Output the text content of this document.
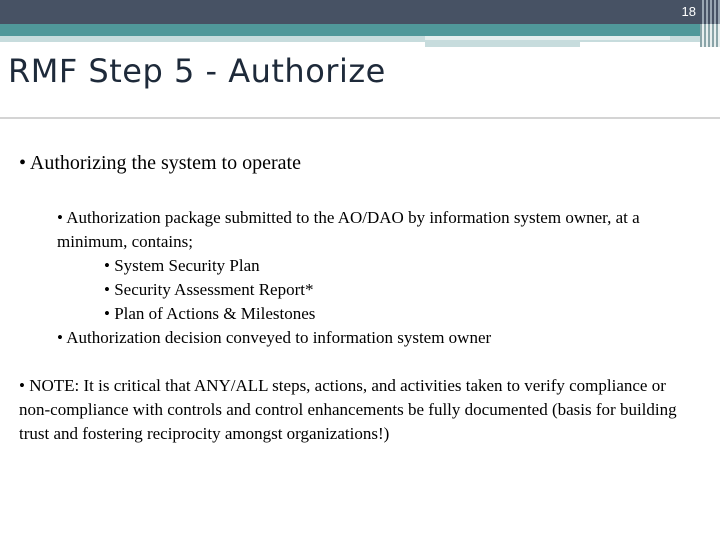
18
RMF Step 5 - Authorize
• Authorizing the system to operate
• Authorization package submitted to the AO/DAO by information system owner, at a minimum, contains;
• System Security Plan
• Security Assessment Report*
• Plan of Actions & Milestones
• Authorization decision conveyed to information system owner
• NOTE: It is critical that ANY/ALL steps, actions, and activities taken to verify compliance or non-compliance with controls and control enhancements be fully documented (basis for building trust and fostering reciprocity amongst organizations!)
